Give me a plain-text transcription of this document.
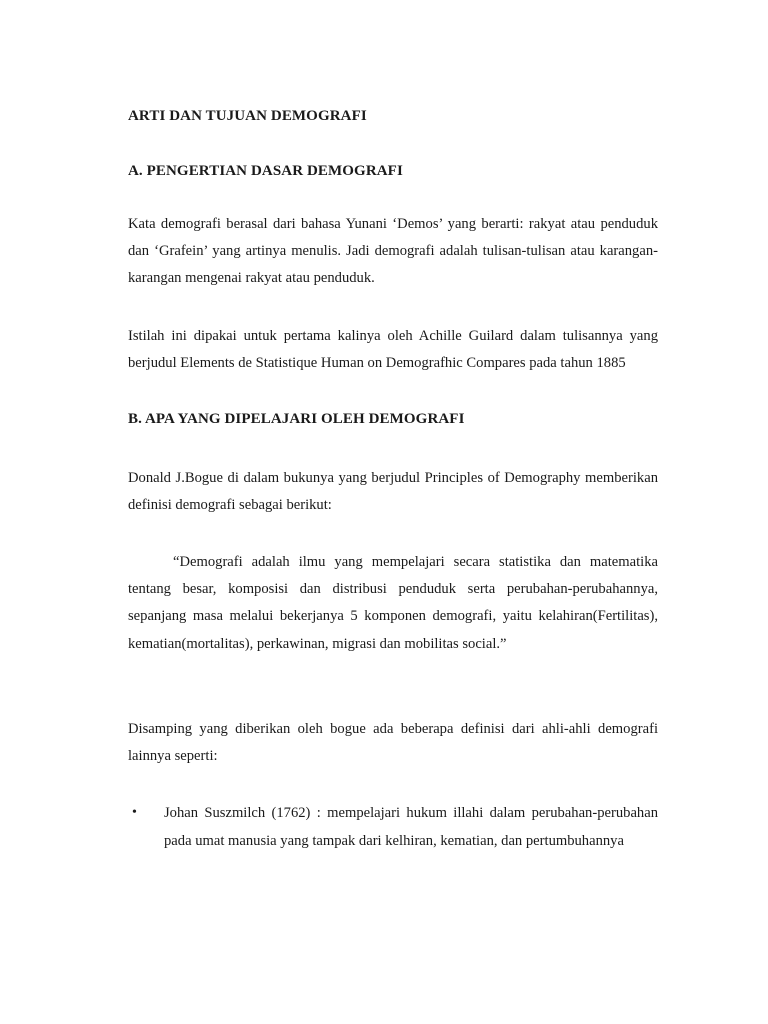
ARTI DAN TUJUAN DEMOGRAFI
A. PENGERTIAN DASAR DEMOGRAFI
Kata demografi berasal dari bahasa Yunani ‘Demos’ yang berarti: rakyat atau penduduk dan ‘Grafein’ yang artinya menulis. Jadi demografi adalah tulisan-tulisan atau karangan-karangan mengenai rakyat atau penduduk.
Istilah ini dipakai untuk pertama kalinya oleh Achille Guilard dalam tulisannya yang berjudul Elements de Statistique Human on Demografhic Compares pada tahun 1885
B. APA YANG DIPELAJARI OLEH DEMOGRAFI
Donald J.Bogue di dalam bukunya yang berjudul Principles of Demography memberikan definisi demografi sebagai berikut:
“Demografi adalah ilmu yang mempelajari secara statistika dan matematika tentang besar, komposisi dan distribusi penduduk serta perubahan-perubahannya, sepanjang masa melalui bekerjanya 5 komponen demografi, yaitu kelahiran(Fertilitas), kematian(mortalitas), perkawinan, migrasi dan mobilitas social.”
Disamping yang diberikan oleh bogue ada beberapa definisi dari ahli-ahli demografi lainnya seperti:
• Johan Suszmilch (1762) : mempelajari hukum illahi dalam perubahan-perubahan pada umat manusia yang tampak dari kelhiran, kematian, dan pertumbuhannya
